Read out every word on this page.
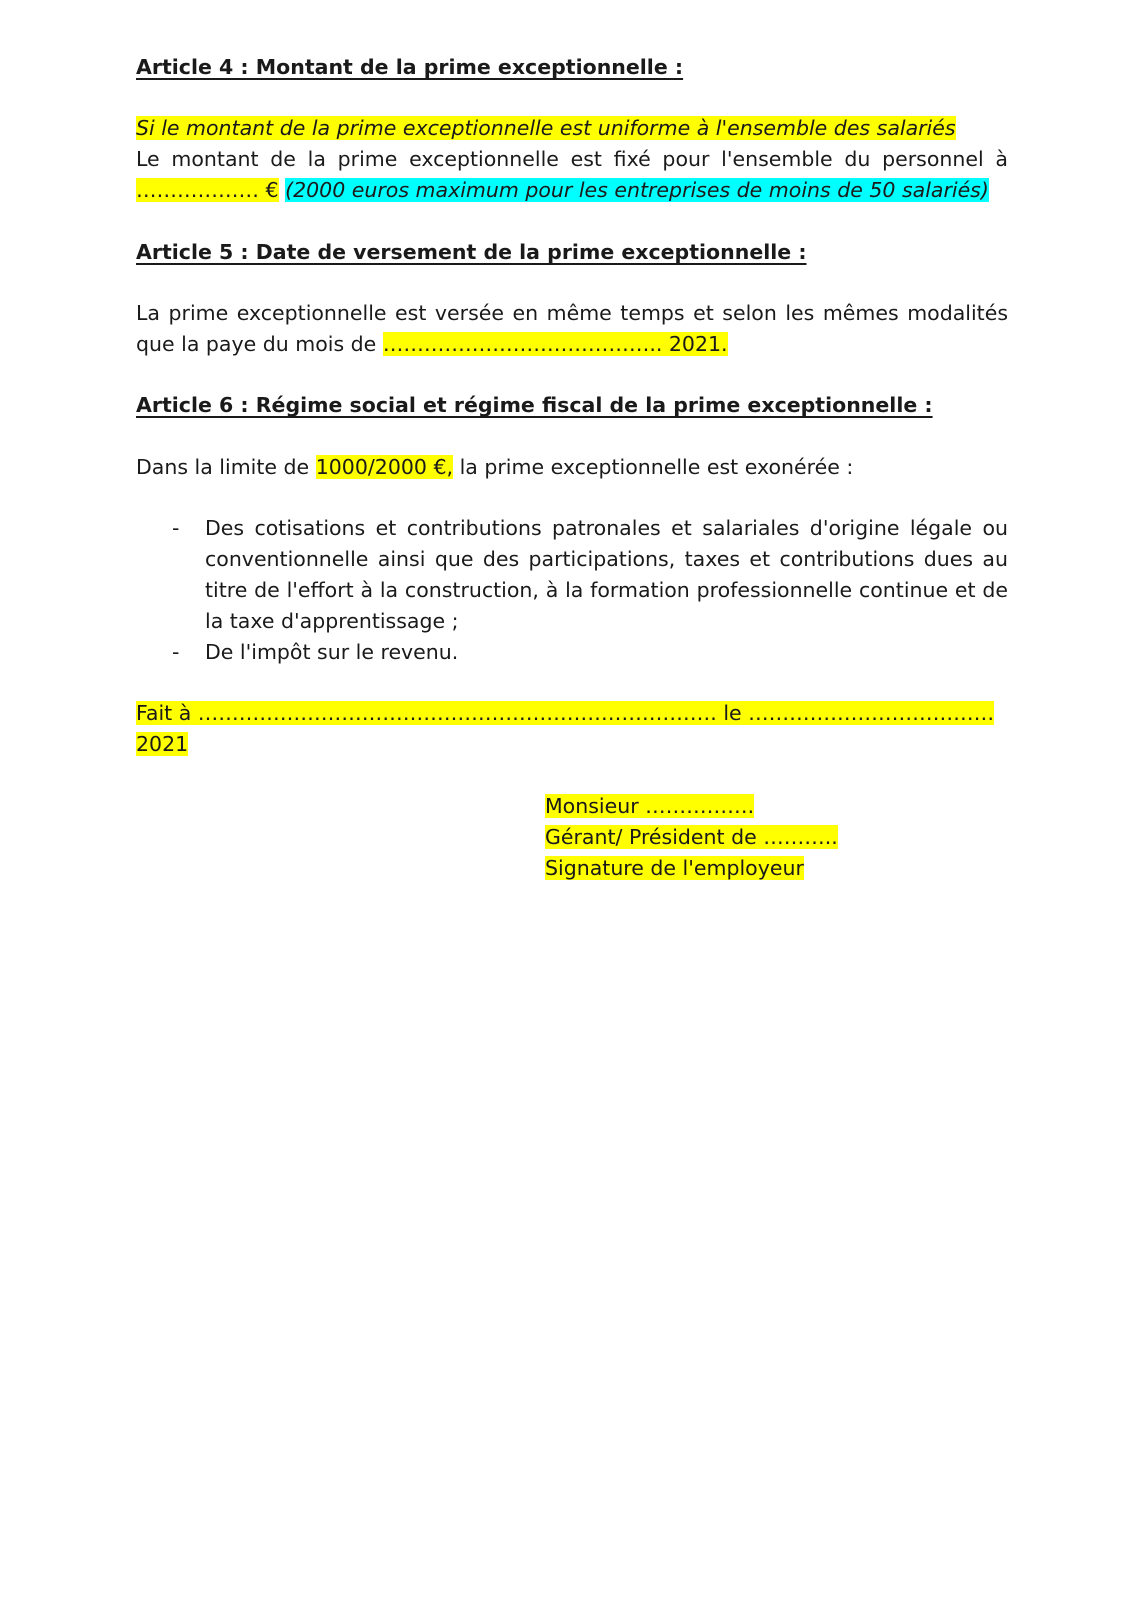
Article 4 : Montant de la prime exceptionnelle :
Si le montant de la prime exceptionnelle est uniforme à l'ensemble des salariés
Le montant de la prime exceptionnelle est fixé pour l'ensemble du personnel à ……………… € (2000 euros maximum pour les entreprises de moins de 50 salariés)
Article 5 : Date de versement de la prime exceptionnelle :
La prime exceptionnelle est versée en même temps et selon les mêmes modalités que la paye du mois de ………………………………….. 2021.
Article 6 : Régime social et régime fiscal de la prime exceptionnelle :
Dans la limite de 1000/2000 €, la prime exceptionnelle est exonérée :
- Des cotisations et contributions patronales et salariales d'origine légale ou conventionnelle ainsi que des participations, taxes et contributions dues au titre de l'effort à la construction, à la formation professionnelle continue et de la taxe d'apprentissage ;
- De l'impôt sur le revenu.
Fait à …………………………………………………………………. le ……………………………… 2021
Monsieur …………….
Gérant/ Président de ………..
Signature de l'employeur
